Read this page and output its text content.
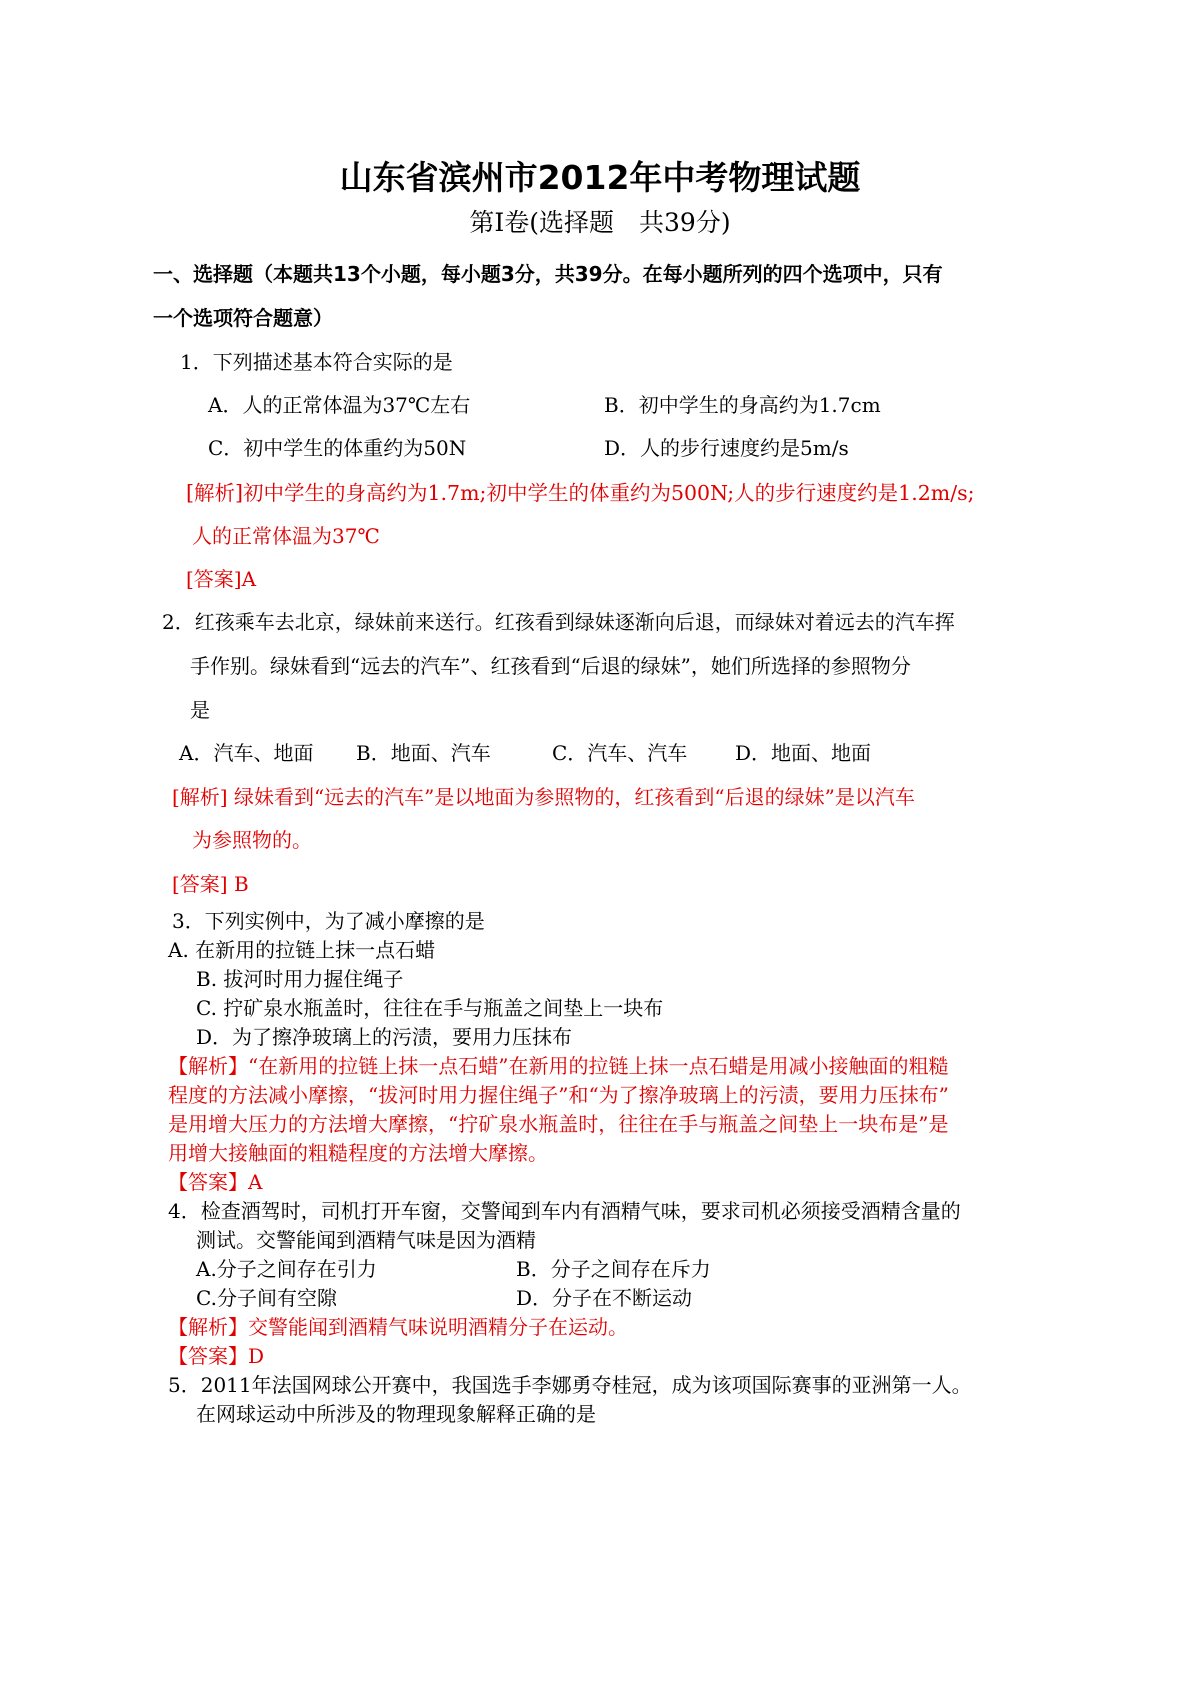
山东省滨州市2012年中考物理试题
第Ⅰ卷(选择题　共39分)
一、选择题（本题共13个小题，每小题3分，共39分。在每小题所列的四个选项中，只有
一个选项符合题意）
1．下列描述基本符合实际的是
A．人的正常体温为37℃左右	B．初中学生的身高约为1.7cm
C．初中学生的体重约为50N	D．人的步行速度约是5m/s
[解析]初中学生的身高约为1.7m;初中学生的体重约为500N;人的步行速度约是1.2m/s;
人的正常体温为37℃
[答案]A
2．红孩乘车去北京，绿妹前来送行。红孩看到绿妹逐渐向后退，而绿妹对着远去的汽车挥
手作别。绿妹看到“远去的汽车”、红孩看到“后退的绿妹”，她们所选择的参照物分
是
A．汽车、地面 B．地面、汽车	C．汽车、汽车 D．地面、地面
[解析] 绿妹看到“远去的汽车”是以地面为参照物的，红孩看到“后退的绿妹”是以汽车
为参照物的。
[答案] B
3．下列实例中，为了减小摩擦的是
A. 在新用的拉链上抹一点石蜡
B. 拔河时用力握住绳子
C. 拧矿泉水瓶盖时，往往在手与瓶盖之间垫上一块布
D．为了擦净玻璃上的污渍，要用力压抹布
【解析】“在新用的拉链上抹一点石蜡”在新用的拉链上抹一点石蜡是用减小接触面的粗糙
程度的方法减小摩擦，“拔河时用力握住绳子”和“为了擦净玻璃上的污渍，要用力压抹布”
是用增大压力的方法增大摩擦，“拧矿泉水瓶盖时，往往在手与瓶盖之间垫上一块布是”是
用增大接触面的粗糙程度的方法增大摩擦。
【答案】A
4．检查酒驾时，司机打开车窗，交警闻到车内有酒精气味，要求司机必须接受酒精含量的
测试。交警能闻到酒精气味是因为酒精
A.分子之间存在引力	B．分子之间存在斥力
C.分子间有空隙	D．分子在不断运动
【解析】交警能闻到酒精气味说明酒精分子在运动。
【答案】D
5．2011年法国网球公开赛中，我国选手李娜勇夺桂冠，成为该项国际赛事的亚洲第一人。
在网球运动中所涉及的物理现象解释正确的是
